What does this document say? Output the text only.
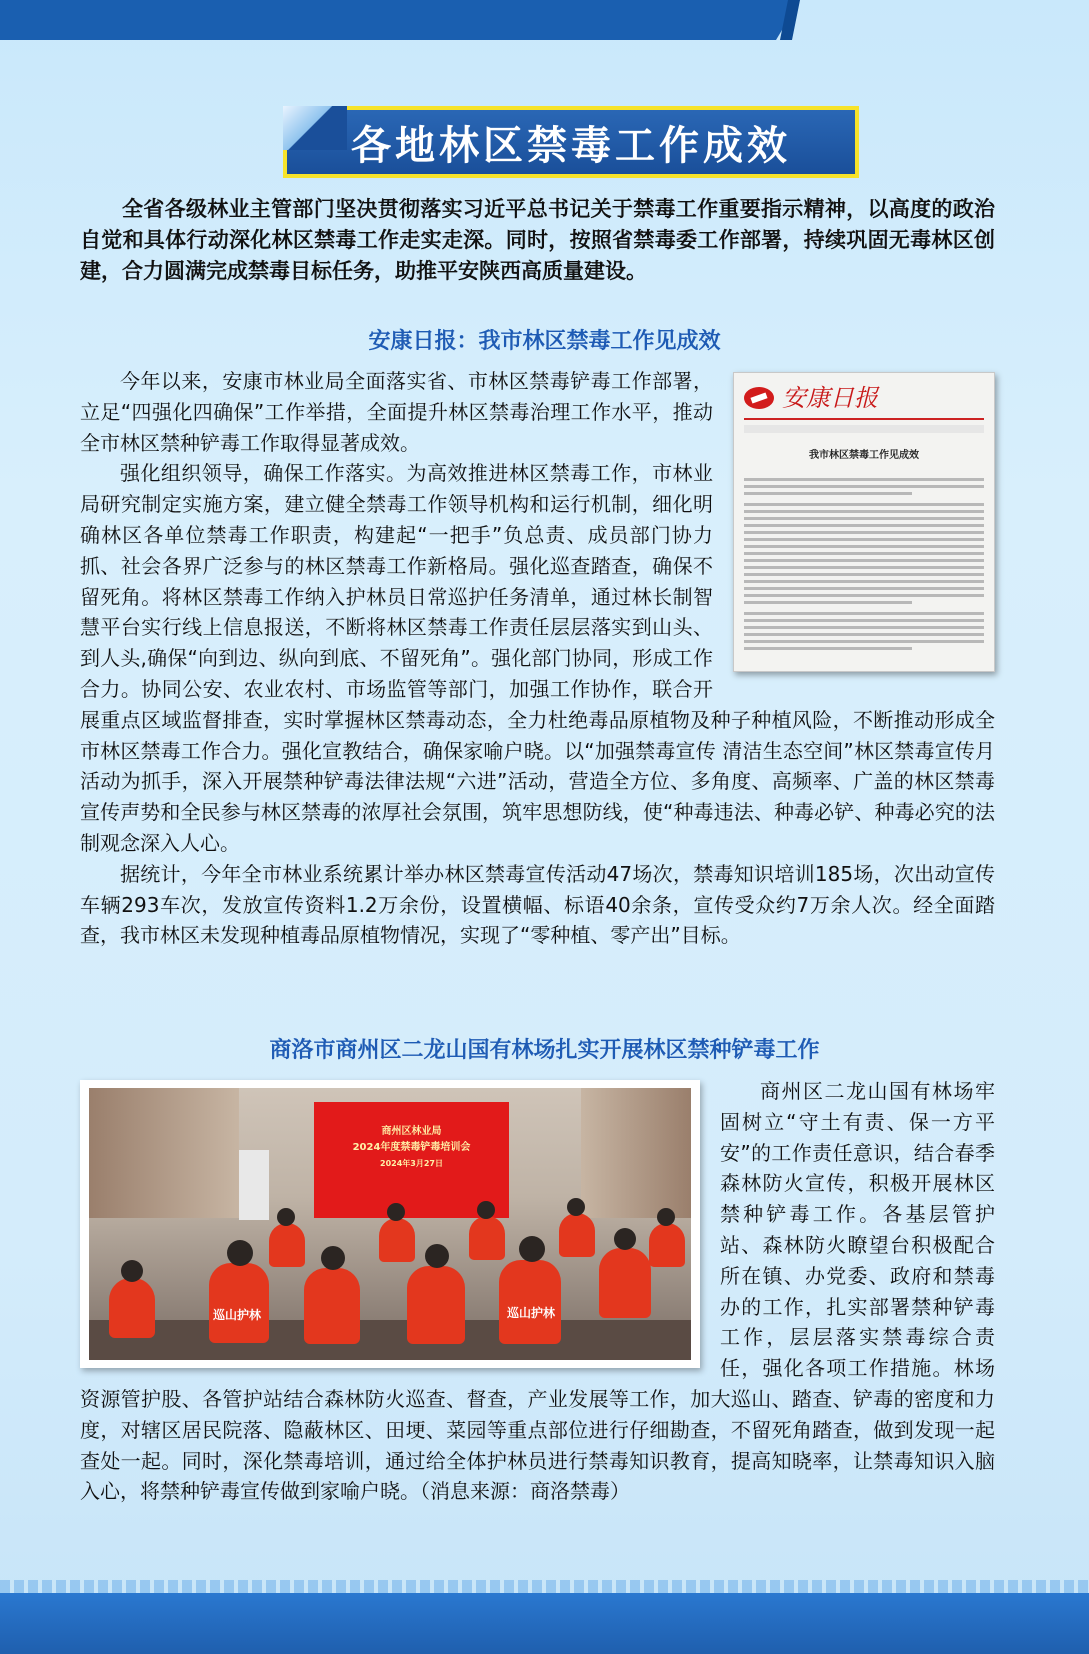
各地林区禁毒工作成效
全省各级林业主管部门坚决贯彻落实习近平总书记关于禁毒工作重要指示精神，以高度的政治自觉和具体行动深化林区禁毒工作走实走深。同时，按照省禁毒委工作部署，持续巩固无毒林区创建，合力圆满完成禁毒目标任务，助推平安陕西高质量建设。
安康日报：我市林区禁毒工作见成效
安康日报
我市林区禁毒工作见成效

今年以来，安康市林业局全面落实省、市林区禁毒铲毒工作部署，立足“四强化四确保”工作举措，全面提升林区禁毒治理工作水平，推动全市林区禁种铲毒工作取得显著成效。

强化组织领导，确保工作落实。为高效推进林区禁毒工作，市林业局研究制定实施方案，建立健全禁毒工作领导机构和运行机制，细化明确林区各单位禁毒工作职责，构建起“一把手”负总责、成员部门协力抓、社会各界广泛参与的林区禁毒工作新格局。强化巡查踏查，确保不留死角。将林区禁毒工作纳入护林员日常巡护任务清单，通过林长制智慧平台实行线上信息报送，不断将林区禁毒工作责任层层落实到山头、到人头,确保“向到边、纵向到底、不留死角”。强化部门协同，形成工作合力。协同公安、农业农村、市场监管等部门，加强工作协作，联合开展重点区域监督排查，实时掌握林区禁毒动态，全力杜绝毒品原植物及种子种植风险，不断推动形成全市林区禁毒工作合力。强化宣教结合，确保家喻户晓。以“加强禁毒宣传 清洁生态空间”林区禁毒宣传月活动为抓手，深入开展禁种铲毒法律法规“六进”活动，营造全方位、多角度、高频率、广盖的林区禁毒宣传声势和全民参与林区禁毒的浓厚社会氛围，筑牢思想防线，使“种毒违法、种毒必铲、种毒必究的法制观念深入人心。

据统计，今年全市林业系统累计举办林区禁毒宣传活动47场次，禁毒知识培训185场，次出动宣传车辆293车次，发放宣传资料1.2万余份，设置横幅、标语40余条，宣传受众约7万余人次。经全面踏查，我市林区未发现种植毒品原植物情况，实现了“零种植、零产出”目标。

商洛市商州区二龙山国有林场扎实开展林区禁种铲毒工作
商州区林业局
2024年度禁毒铲毒培训会
2024年3月27日
巡山护林	巡山护林

商州区二龙山国有林场牢固树立“守土有责、保一方平安”的工作责任意识，结合春季森林防火宣传，积极开展林区禁种铲毒工作。各基层管护站、森林防火瞭望台积极配合所在镇、办党委、政府和禁毒办的工作，扎实部署禁种铲毒工作，层层落实禁毒综合责任，强化各项工作措施。林场资源管护股、各管护站结合森林防火巡查、督查，产业发展等工作，加大巡山、踏查、铲毒的密度和力度，对辖区居民院落、隐蔽林区、田埂、菜园等重点部位进行仔细勘查，不留死角踏查，做到发现一起查处一起。同时，深化禁毒培训，通过给全体护林员进行禁毒知识教育，提高知晓率，让禁毒知识入脑入心，将禁种铲毒宣传做到家喻户晓。（消息来源：商洛禁毒）
